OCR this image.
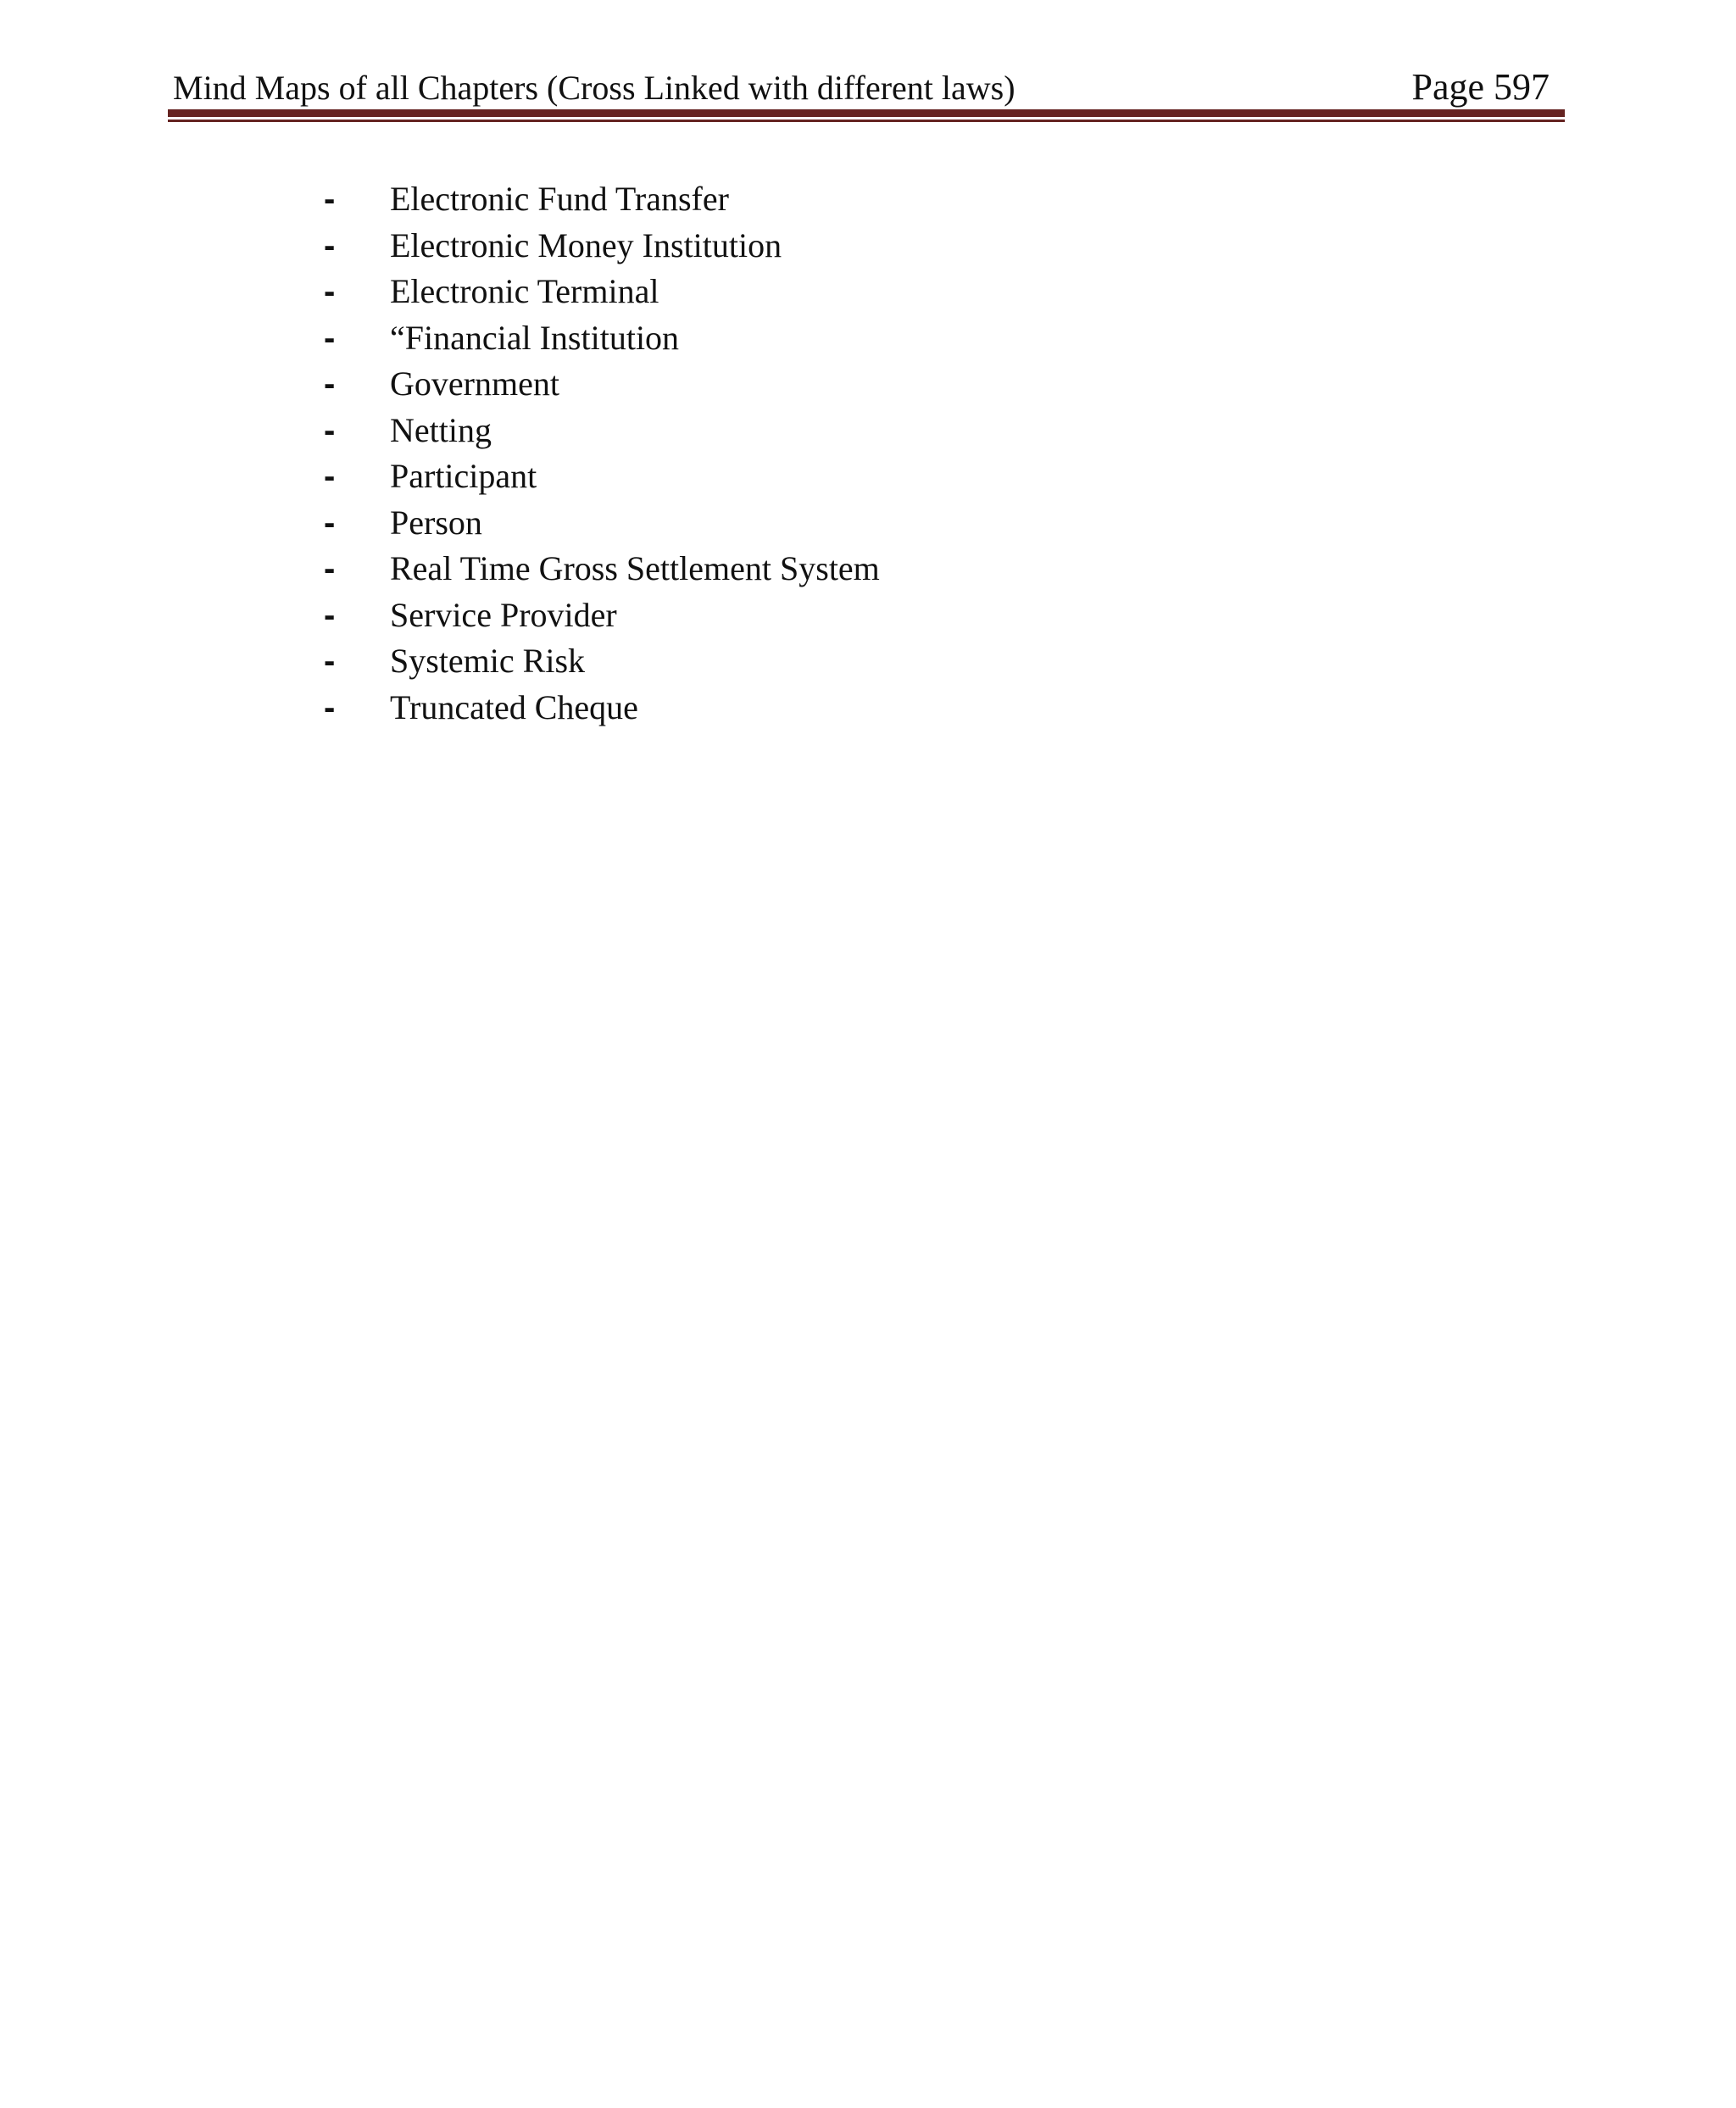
Mind Maps of all Chapters (Cross Linked with different laws)	Page 597
- Electronic Fund Transfer
- Electronic Money Institution
- Electronic Terminal
- “Financial Institution
- Government
- Netting
- Participant
- Person
- Real Time Gross Settlement System
- Service Provider
- Systemic Risk
- Truncated Cheque
